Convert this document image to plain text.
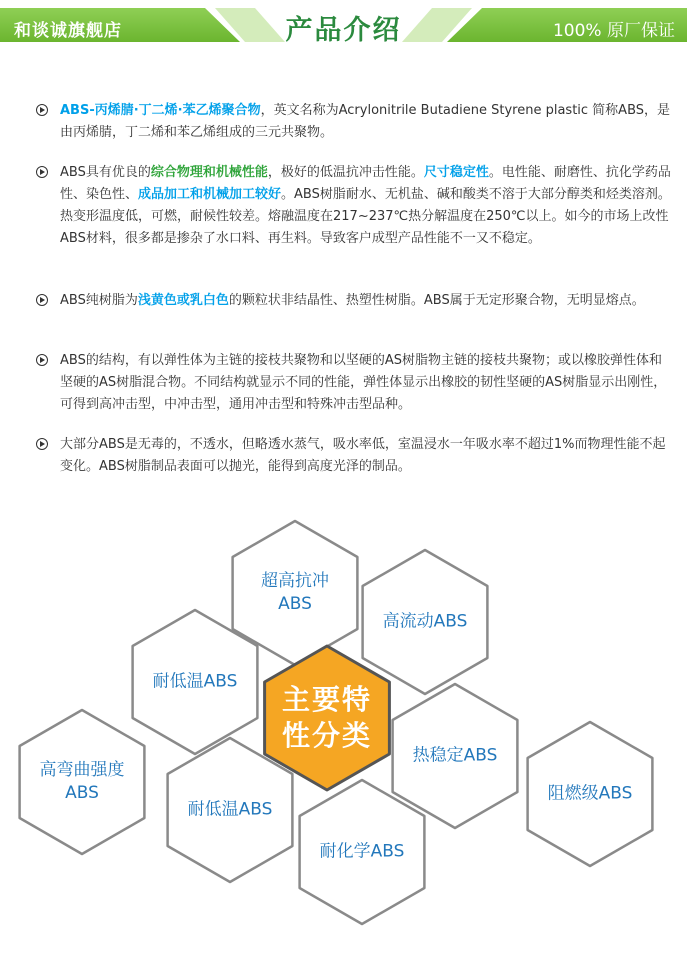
和谈诚旗舰店	产品介绍	100% 原厂保证
ABS-丙烯腈·丁二烯·苯乙烯聚合物，英文名称为Acrylonitrile Butadiene Styrene plastic 简称ABS，是由丙烯腈，丁二烯和苯乙烯组成的三元共聚物。
ABS具有优良的综合物理和机械性能，极好的低温抗冲击性能。尺寸稳定性。电性能、耐磨性、抗化学药品性、染色性、成品加工和机械加工较好。ABS树脂耐水、无机盐、碱和酸类不溶于大部分醇类和烃类溶剂。热变形温度低，可燃，耐候性较差。熔融温度在217~237℃热分解温度在250℃以上。如今的市场上改性ABS材料，很多都是掺杂了水口料、再生料。导致客户成型产品性能不一又不稳定。
ABS纯树脂为浅黄色或乳白色的颗粒状非结晶性、热塑性树脂。ABS属于无定形聚合物，无明显熔点。
ABS的结构，有以弹性体为主链的接枝共聚物和以坚硬的AS树脂物主链的接枝共聚物；或以橡胶弹性体和坚硬的AS树脂混合物。不同结构就显示不同的性能，弹性体显示出橡胶的韧性坚硬的AS树脂显示出刚性，可得到高冲击型，中冲击型，通用冲击型和特殊冲击型品种。
大部分ABS是无毒的，不透水，但略透水蒸气，吸水率低，室温浸水一年吸水率不超过1%而物理性能不起变化。ABS树脂制品表面可以抛光，能得到高度光泽的制品。
超高抗冲
ABS
高流动ABS
耐低温ABS
热稳定ABS
高弯曲强度
ABS
耐低温ABS
阻燃级ABS
耐化学ABS
主要特
性分类
